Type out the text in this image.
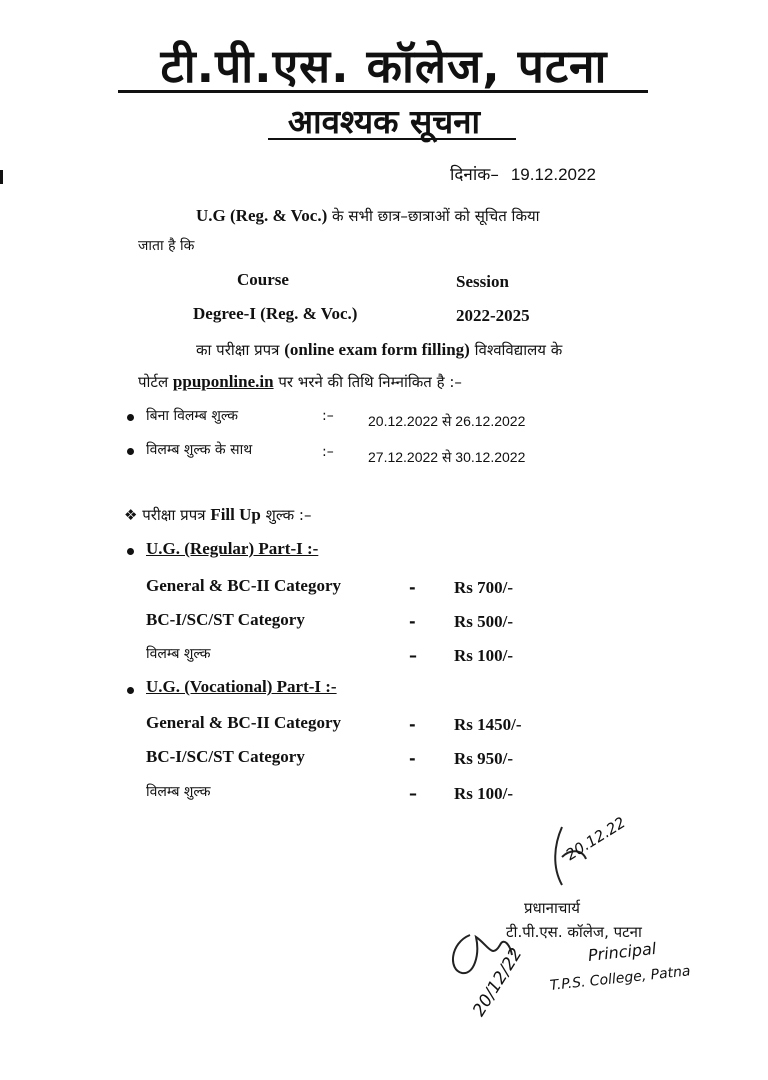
टी.पी.एस. कॉलेज, पटना
आवश्यक सूचना
दिनांक– 19.12.2022
U.G (Reg. & Voc.) के सभी छात्र–छात्राओं को सूचित किया
जाता है कि
Course	Session
Degree-I (Reg. & Voc.)	2022-2025
का परीक्षा प्रपत्र (online exam form filling) विश्वविद्यालय के
पोर्टल ppuponline.in पर भरने की तिथि निम्नांकित है :–
बिना विलम्ब शुल्क	:– 20.12.2022 से 26.12.2022
विलम्ब शुल्क के साथ	:– 27.12.2022 से 30.12.2022
❖ परीक्षा प्रपत्र Fill Up शुल्क :–
U.G. (Regular) Part-I :-
General & BC-II Category	- Rs 700/-
BC-I/SC/ST Category	- Rs 500/-
विलम्ब शुल्क	– Rs 100/-
U.G. (Vocational) Part-I :-
General & BC-II Category	- Rs 1450/-
BC-I/SC/ST Category	- Rs 950/-
विलम्ब शुल्क	– Rs 100/-
20.12.22
प्रधानाचार्य
टी.पी.एस. कॉलेज, पटना
20/12/22	Principal
T.P.S. College, Patna
